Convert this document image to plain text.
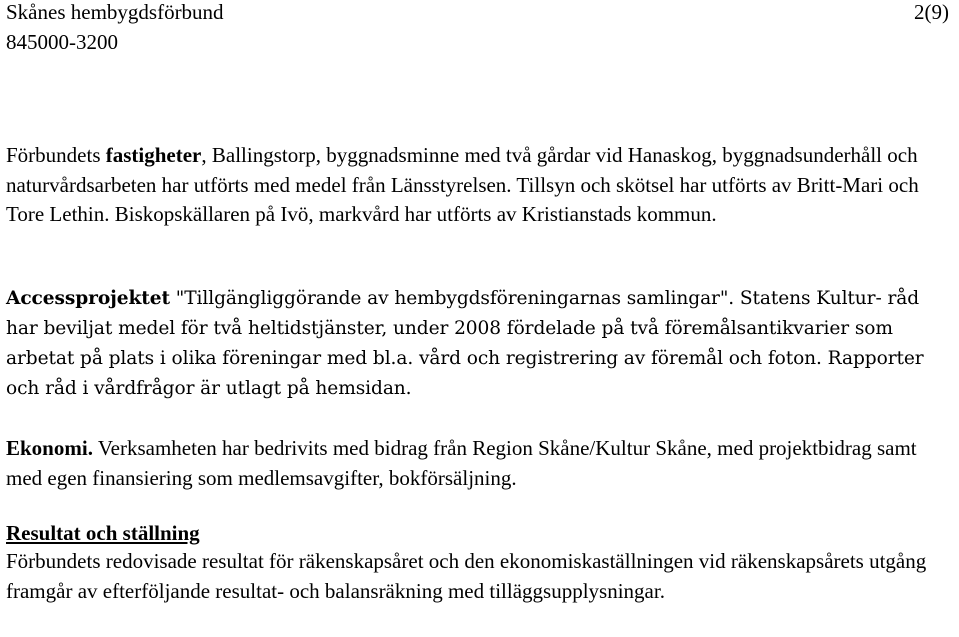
Skånes hembygdsförbund
845000-3200
2(9)

Förbundets fastigheter, Ballingstorp, byggnadsminne med två gårdar vid Hanaskog, byggnadsunderhåll och naturvårdsarbeten har utförts med medel från Länsstyrelsen. Tillsyn och skötsel har utförts av Britt-Mari och Tore Lethin. Biskopskällaren på Ivö, markvård har utförts av Kristianstads kommun.

Accessprojektet "Tillgängliggörande av hembygdsföreningarnas samlingar". Statens Kultur- råd har beviljat medel för två heltidstjänster, under 2008 fördelade på två föremålsantikvarier som arbetat på plats i olika föreningar med bl.a. vård och registrering av föremål och foton. Rapporter och råd i vårdfrågor är utlagt på hemsidan.

Ekonomi. Verksamheten har bedrivits med bidrag från Region Skåne/Kultur Skåne, med projektbidrag samt med egen finansiering som medlemsavgifter, bokförsäljning.

Resultat och ställning

Förbundets redovisade resultat för räkenskapsåret och den ekonomiskaställningen vid räkenskapsårets utgång framgår av efterföljande resultat- och balansräkning med tilläggsupplysningar.
